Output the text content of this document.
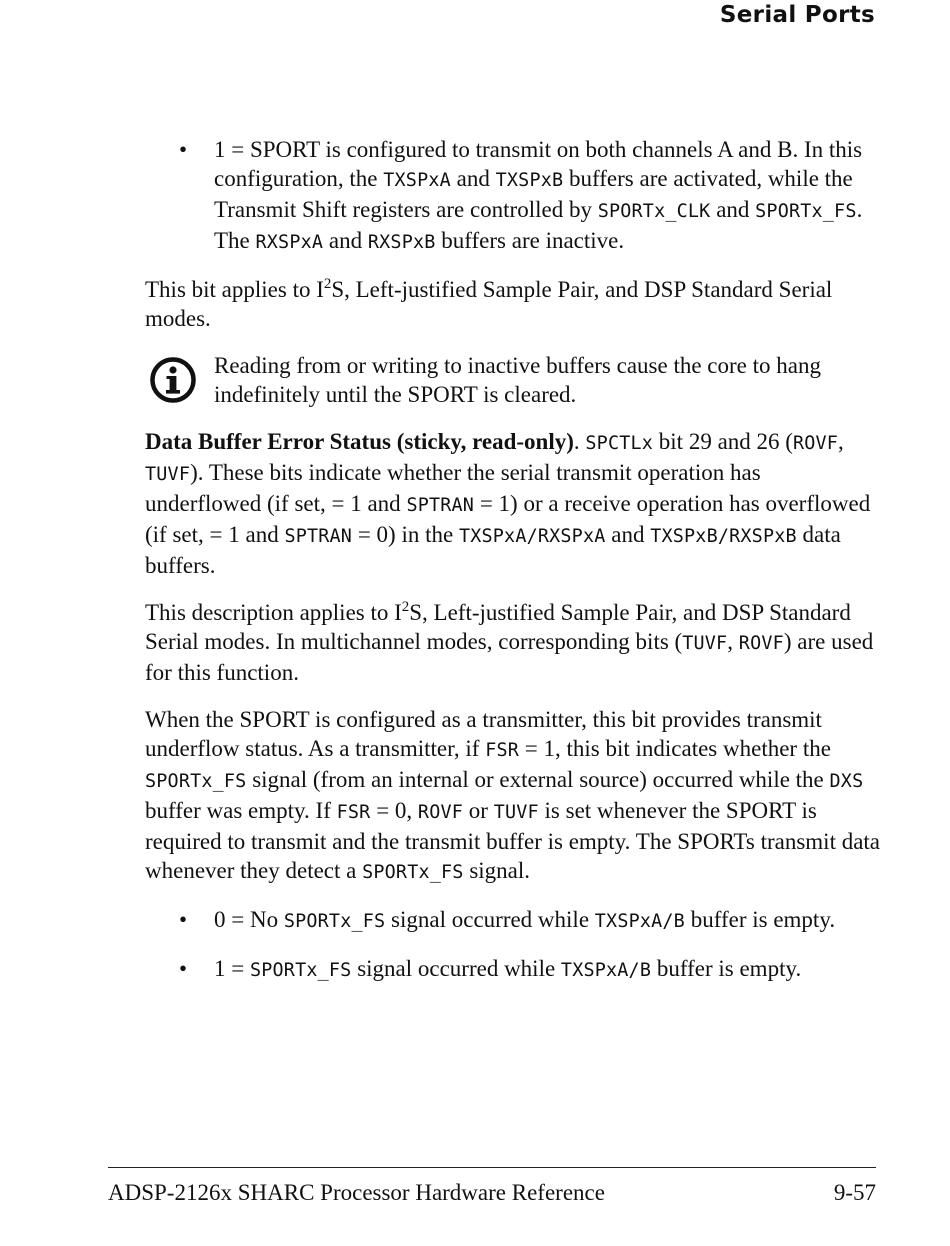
Serial Ports
• 1 = SPORT is configured to transmit on both channels A and B. In this configuration, the TXSPxA and TXSPxB buffers are activated, while the Transmit Shift registers are controlled by SPORTx_CLK and SPORTx_FS. The RXSPxA and RXSPxB buffers are inactive.

This bit applies to $I^2S$, Left-justified Sample Pair, and DSP Standard Serial modes.

Reading from or writing to inactive buffers cause the core to hang indefinitely until the SPORT is cleared.

Data Buffer Error Status (sticky, read-only). SPCTLx bit 29 and 26 (ROVF, TUVF). These bits indicate whether the serial transmit operation has underflowed (if set, = 1 and SPTRAN = 1) or a receive operation has overflowed (if set, = 1 and SPTRAN = 0) in the TXSPxA/RXSPxA and TXSPxB/RXSPxB data buffers.

This description applies to $I^2S$, Left-justified Sample Pair, and DSP Standard Serial modes. In multichannel modes, corresponding bits (TUVF, ROVF) are used for this function.

When the SPORT is configured as a transmitter, this bit provides transmit underflow status. As a transmitter, if FSR = 1, this bit indicates whether the SPORTx_FS signal (from an internal or external source) occurred while the DXS buffer was empty. If FSR = 0, ROVF or TUVF is set whenever the SPORT is required to transmit and the transmit buffer is empty. The SPORTs transmit data whenever they detect a SPORTx_FS signal.

• 0 = No SPORTx_FS signal occurred while TXSPxA/B buffer is empty.
• 1 = SPORTx_FS signal occurred while TXSPxA/B buffer is empty.
ADSP-2126x SHARC Processor Hardware Reference	9-57
